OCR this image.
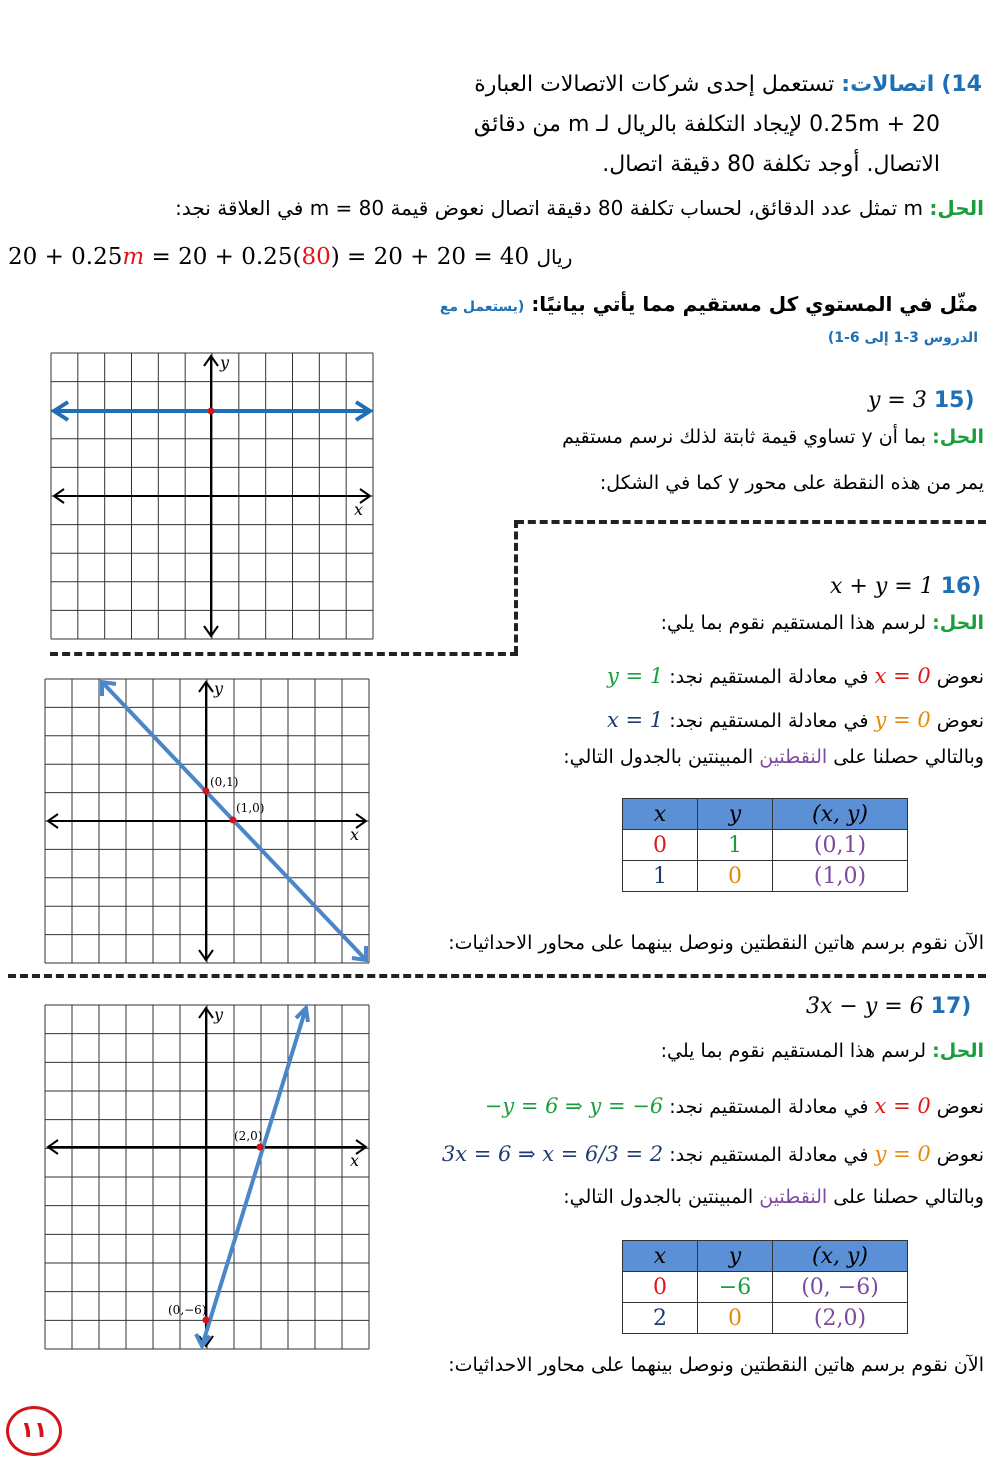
14) اتصالات: تستعمل إحدى شركات الاتصالات العبارة
20 + 0.25m لإيجاد التكلفة بالريال لـ m من دقائق
الاتصال. أوجد تكلفة 80 دقيقة اتصال.
الحل: m تمثل عدد الدقائق، لحساب تكلفة 80 دقيقة اتصال نعوض قيمة m = 80 في العلاقة نجد:
20 + 0.25m = 20 + 0.25(80) = 20 + 20 = 40 ريال
مثّل في المستوي كل مستقيم مما يأتي بيانيًا: (يستعمل مع
الدروس 3-1 إلى 6-1)
y
x
y = 3 15)
الحل: بما أن y تساوي قيمة ثابتة لذلك نرسم مستقيم
يمر من هذه النقطة على محور y كما في الشكل:
x + y = 1 16)
الحل: لرسم هذا المستقيم نقوم بما يلي:
نعوض x = 0 في معادلة المستقيم نجد: y = 1
نعوض y = 0 في معادلة المستقيم نجد: x = 1
وبالتالي حصلنا على النقطتين المبينتين بالجدول التالي:
x	y	(x, y)
0	1	(0,1)
1	0	(1,0)
الآن نقوم برسم هاتين النقطتين ونوصل بينهما على محاور الاحداثيات:
y
x
(0,1)
(1,0)
3x − y = 6 17)
الحل: لرسم هذا المستقيم نقوم بما يلي:
نعوض x = 0 في معادلة المستقيم نجد: −y = 6 ⇒ y = −6
نعوض y = 0 في معادلة المستقيم نجد: 3x = 6 ⇒ x = 6/3 = 2
وبالتالي حصلنا على النقطتين المبينتين بالجدول التالي:
x	y	(x, y)
0	−6	(0, −6)
2	0	(2,0)
الآن نقوم برسم هاتين النقطتين ونوصل بينهما على محاور الاحداثيات:
y
x
(2,0)
(0,−6)
١١
